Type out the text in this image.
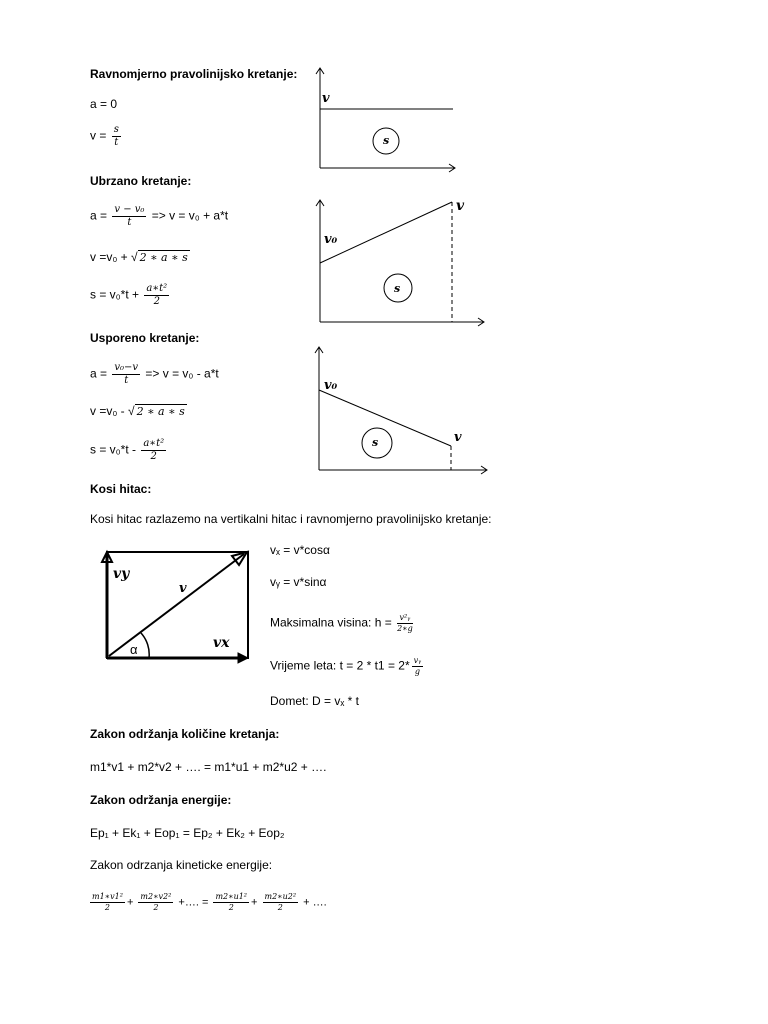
Ravnomjerno pravolinijsko kretanje:
a = 0
$v = \frac{s}{t}$
v
s
Ubrzano kretanje:
$a = \frac{\text{v − v₀}}{t} => v = v_0 + a*t$
v =v₀ + √ 2 ∗ a ∗ s
$s = v_0*t + \frac{\text{a∗t²}}{2}$
v
v₀
s
Usporeno kretanje:
$a = \frac{\text{v₀−v}}{t} => v = v_0 - a*t$
v =v₀ - √ 2 ∗ a ∗ s
$s = v_0*t - \frac{\text{a∗t²}}{2}$
v₀
v
s
Kosi hitac:
Kosi hitac razlazemo na vertikalni hitac i ravnomjerno pravolinijsko kretanje:
vy
v
vx
α
vₓ = v*cosα
vᵧ = v*sinα
Maksimalna visina: $h = \frac{\text{v²ᵧ}}{2∗g}$
Vrijeme leta: $t = 2 * t1 = 2* \frac{\text{vᵧ}}{g}$
Domet: D = vₓ * t
Zakon održanja količine kretanja:
m1*v1 + m2*v2 + …. = m1*u1 + m2*u2 + ….
Zakon održanja energije:
Ep₁ + Ek₁ + Eop₁ = Ep₂ + Ek₂ + Eop₂
Zakon odrzanja kineticke energije:
$\frac{\text{m1∗v1²}}{2} + \frac{\text{m2∗v2²}}{2}$ +…. = $\frac{\text{m2∗u1²}}{2} + \frac{\text{m2∗u2²}}{2}$ + ….
